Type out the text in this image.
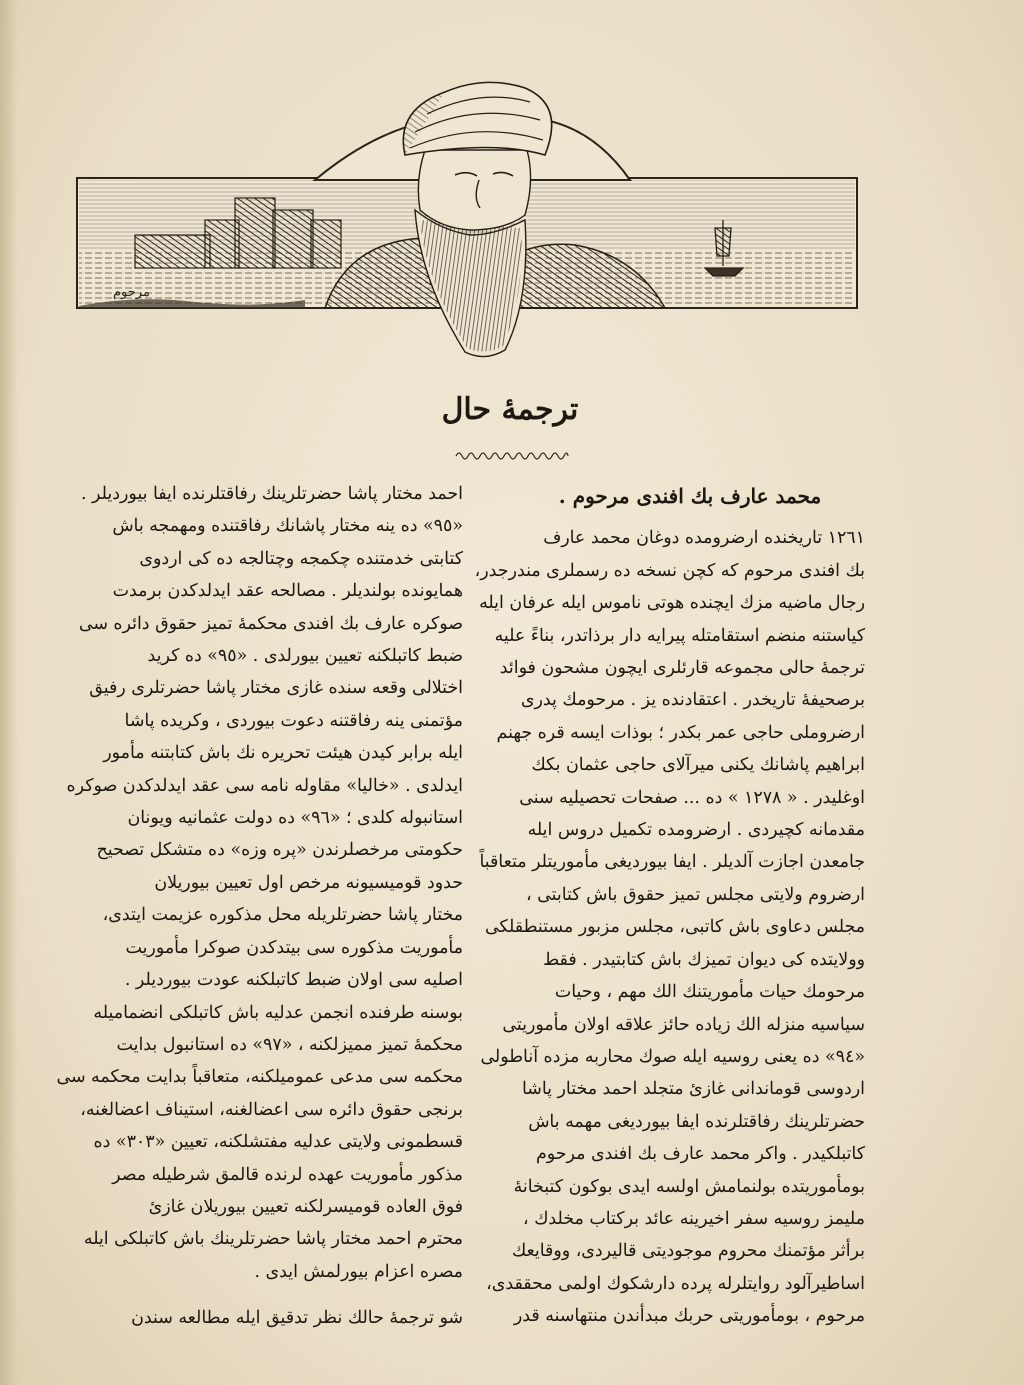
مرحوم
ترجمهٔ حال
محمد عارف بك افندی مرحوم .
١٢٦١ تاریخنده ارضرومده دوغان محمد عارف
بك افندی مرحوم که کچن نسخه ده رسملری مندرجدر،
رجال ماضیه مزك ایچنده هوتی ناموس ایله عرفان ایله
کیاستنه منضم استقامتله پیرایه دار برذاتدر، بناءً علیه
ترجمهٔ حالی مجموعه قارئلری ایچون مشحون فوائد
برصحیفهٔ تاریخدر . اعتقادنده یز . مرحومك پدری
ارضروملی حاجی عمر بکدر ؛ بوذات ایسه قره جهنم
ابراهیم پاشانك یکنی میرآلای حاجی عثمان بکك
اوغلیدر . « ١٢٧٨ » ده ... صفحات تحصیلیه سنی
مقدمانه کچیردی . ارضرومده تکمیل دروس ایله
جامعدن اجازت آلدیلر . ایفا بیوردیغی مأموریتلر متعاقباً
ارضروم ولایتی مجلس تمیز حقوق باش کتابتی ،
مجلس دعاوی باش کاتبی، مجلس مزبور مستنطقلکی
وولایتده کی دیوان تمیزك باش کتابتیدر . فقط
مرحومك حیات مأموریتنك الك مهم ، وحیات
سیاسیه منزله الك زیاده حائز علاقه اولان مأموریتی
«٩٤» ده یعنی روسیه ایله صوك محاربه مزده آناطولی
اردوسی قوماندانی غازیٔ متجلد احمد مختار پاشا
حضرتلرینك رفاقتلرنده ایفا بیوردیغی مهمه باش
کاتبلکیدر . واکر محمد عارف بك افندی مرحوم
بومأموریتده بولنمامش اولسه ایدی بوکون کتبخانهٔ
ملیمز روسیه سفر اخیرینه عائد برکتاب مخلدك ،
برأثر مؤتمنك محروم موجودیتی قالیردی، ووقایعك
اساطیرآلود روایتلرله پرده دارشکوك اولمی محققدی،
مرحوم ، بومأموریتی حربك مبدأندن منتهاسنه قدر
احمد مختار پاشا حضرتلرینك رفاقتلرنده ایفا بیوردیلر .
«٩٥» ده ینه مختار پاشانك رفاقتنده ومهمجه باش
کتابتی خدمتنده چکمجه وچتالجه ده کی اردوی
همایونده بولندیلر . مصالحه عقد ایدلدکدن برمدت
صوکره عارف بك افندی محکمهٔ تمیز حقوق دائره سی
ضبط کاتبلکنه تعیین بیورلدی . «٩٥» ده کرید
اختلالی وقعه سنده غازی مختار پاشا حضرتلری رفیق
مؤتمنی ینه رفاقتنه دعوت بیوردی ، وکریده پاشا
ایله برابر کیدن هیئت تحریره نك باش کتابتنه مأمور
ایدلدی . «خالیا» مقاوله نامه سی عقد ایدلدکدن صوکره
استانبوله کلدی ؛ «٩٦» ده دولت عثمانیه ویونان
حکومتی مرخصلرندن «پره وزه» ده متشکل تصحیح
حدود قومیسیونه مرخص اول تعیین بیوریلان
مختار پاشا حضرتلریله محل مذکوره عزیمت ایتدی،
مأموریت مذکوره سی بیتدکدن صوکرا مأموریت
اصلیه سی اولان ضبط کاتبلکنه عودت بیوردیلر .
بوسنه طرفنده انجمن عدلیه باش کاتبلکی انضمامیله
محکمهٔ تمیز ممیزلکنه ، «٩٧» ده استانبول بدایت
محکمه سی مدعی عمومیلکنه، متعاقباً بدایت محکمه سی
برنجی حقوق دائره سی اعضالغنه، استیناف اعضالغنه،
قسطمونی ولایتی عدلیه مفتشلکنه، تعیین «٣٠٣» ده
مذکور مأموریت عهده لرنده قالمق شرطیله مصر
فوق العاده قومیسرلکنه تعیین بیوریلان غازیٔ
محترم احمد مختار پاشا حضرتلرینك باش کاتبلکی ایله
مصره اعزام بیورلمش ایدی .
شو ترجمهٔ حالك نظر تدقیق ایله مطالعه سندن
